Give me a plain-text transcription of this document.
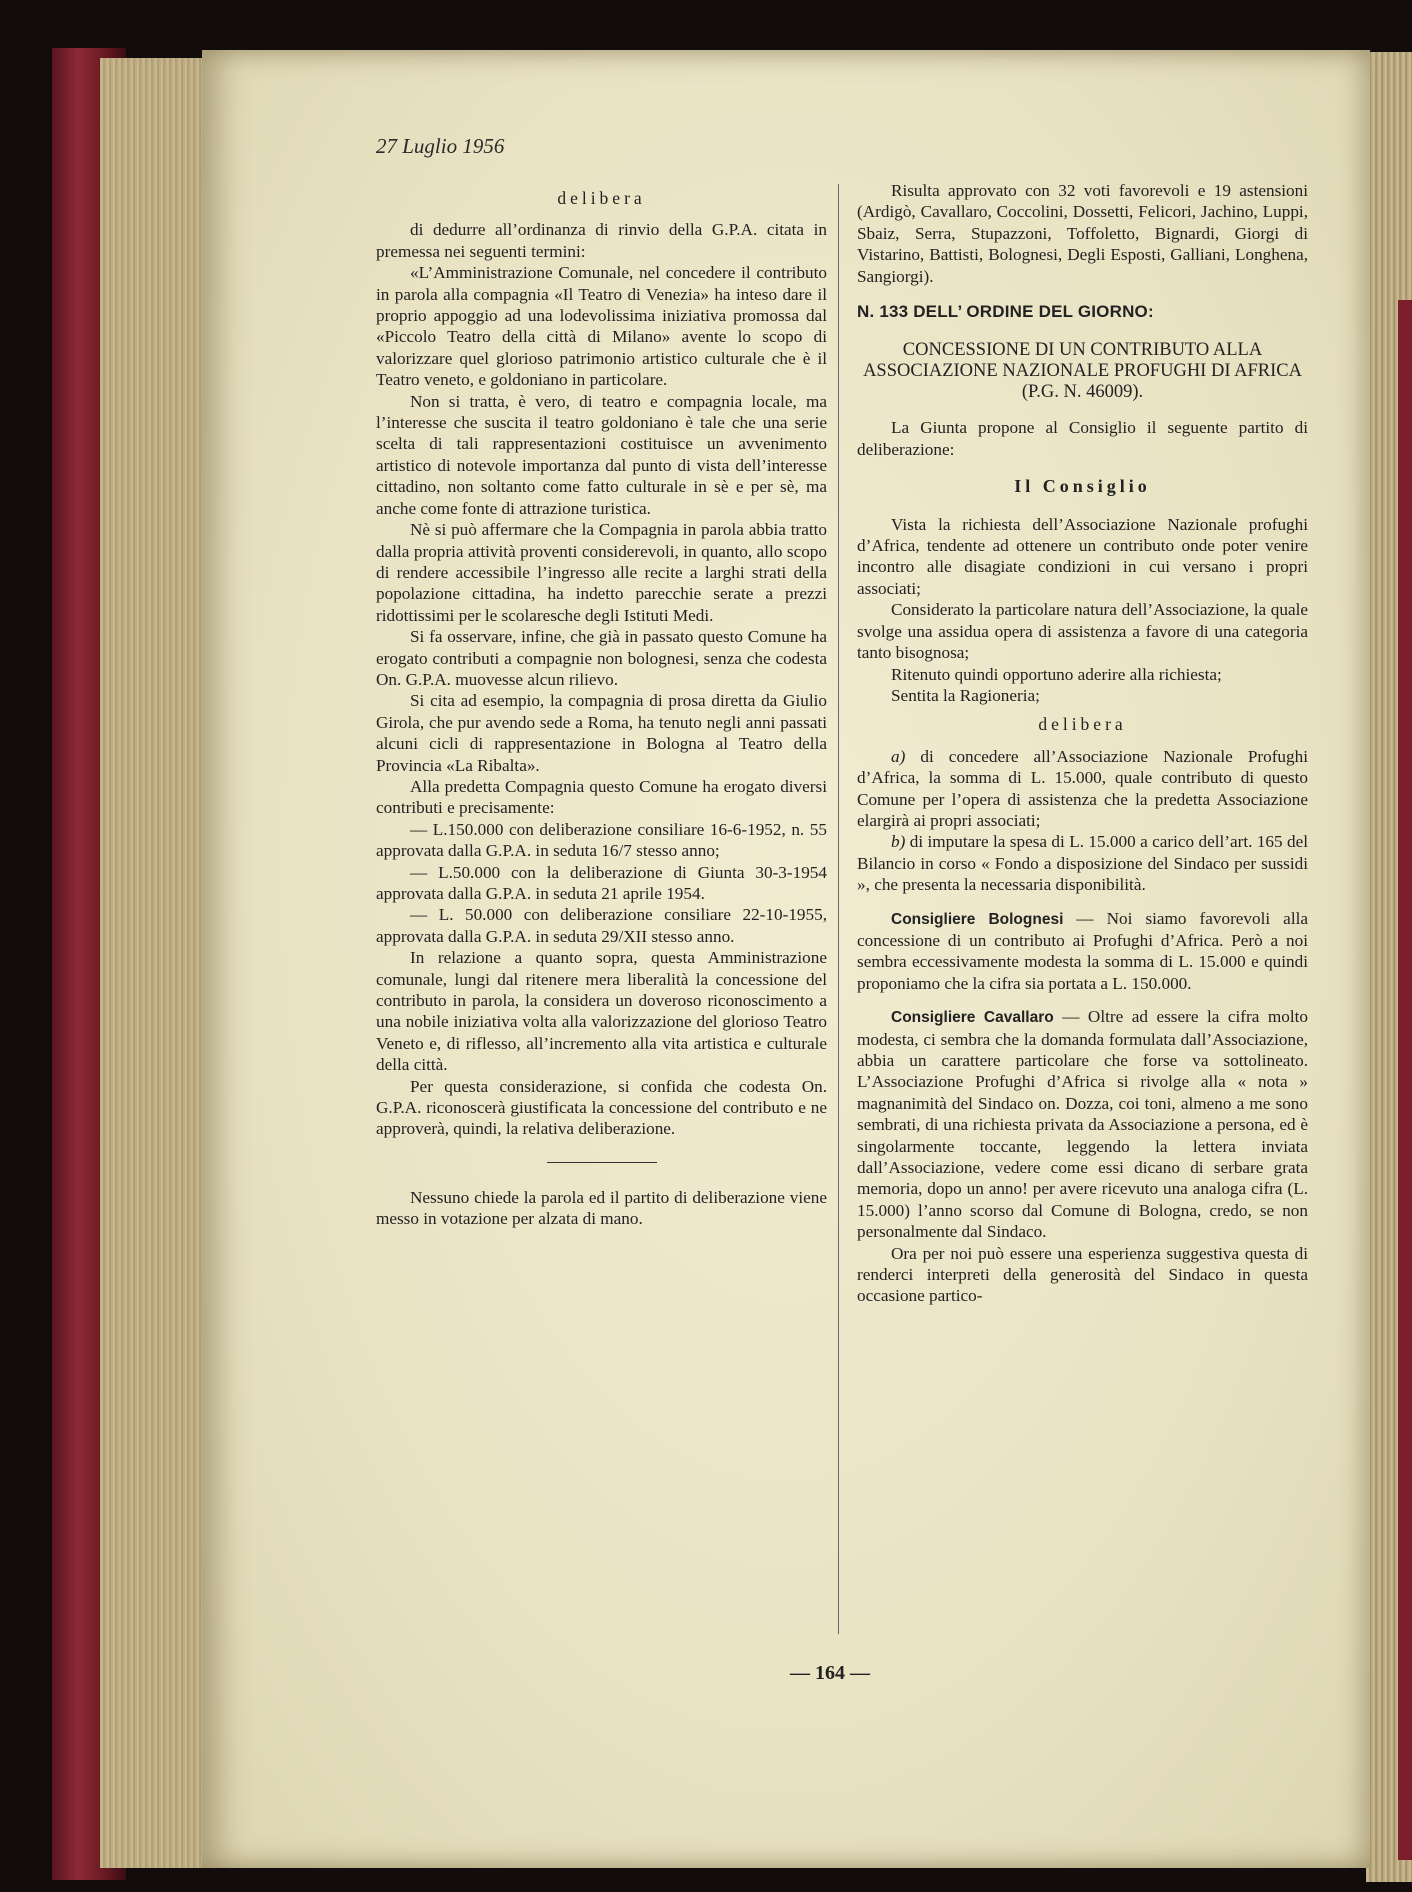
27 Luglio 1956

delibera

di dedurre all’ordinanza di rinvio della G.P.A. citata in premessa nei seguenti termini:

«L’Amministrazione Comunale, nel concedere il contributo in parola alla compagnia «Il Teatro di Venezia» ha inteso dare il proprio appoggio ad una lodevolissima iniziativa promossa dal «Piccolo Teatro della città di Milano» avente lo scopo di valorizzare quel glorioso patrimonio artistico culturale che è il Teatro veneto, e goldoniano in particolare.

Non si tratta, è vero, di teatro e compagnia locale, ma l’interesse che suscita il teatro goldoniano è tale che una serie scelta di tali rappresentazioni costituisce un avvenimento artistico di notevole importanza dal punto di vista dell’interesse cittadino, non soltanto come fatto culturale in sè e per sè, ma anche come fonte di attrazione turistica.

Nè si può affermare che la Compagnia in parola abbia tratto dalla propria attività proventi considerevoli, in quanto, allo scopo di rendere accessibile l’ingresso alle recite a larghi strati della popolazione cittadina, ha indetto parecchie serate a prezzi ridottissimi per le scolaresche degli Istituti Medi.

Si fa osservare, infine, che già in passato questo Comune ha erogato contributi a compagnie non bolognesi, senza che codesta On. G.P.A. muovesse alcun rilievo.

Si cita ad esempio, la compagnia di prosa diretta da Giulio Girola, che pur avendo sede a Roma, ha tenuto negli anni passati alcuni cicli di rappresentazione in Bologna al Teatro della Provincia «La Ribalta».

Alla predetta Compagnia questo Comune ha erogato diversi contributi e precisamente:

— L.150.000 con deliberazione consiliare 16-6-1952, n. 55 approvata dalla G.P.A. in seduta 16/7 stesso anno;

— L.50.000 con la deliberazione di Giunta 30-3-1954 approvata dalla G.P.A. in seduta 21 aprile 1954.

— L. 50.000 con deliberazione consiliare 22-10-1955, approvata dalla G.P.A. in seduta 29/XII stesso anno.

In relazione a quanto sopra, questa Amministrazione comunale, lungi dal ritenere mera liberalità la concessione del contributo in parola, la considera un doveroso riconoscimento a una nobile iniziativa volta alla valorizzazione del glorioso Teatro Veneto e, di riflesso, all’incremento alla vita artistica e culturale della città.

Per questa considerazione, si confida che codesta On. G.P.A. riconoscerà giustificata la concessione del contributo e ne approverà, quindi, la relativa deliberazione.

Nessuno chiede la parola ed il partito di deliberazione viene messo in votazione per alzata di mano.

Risulta approvato con 32 voti favorevoli e 19 astensioni (Ardigò, Cavallaro, Coccolini, Dossetti, Felicori, Jachino, Luppi, Sbaiz, Serra, Stupazzoni, Toffoletto, Bignardi, Giorgi di Vistarino, Battisti, Bolognesi, Degli Esposti, Galliani, Longhena, Sangiorgi).

N. 133 DELL’ ORDINE DEL GIORNO:

CONCESSIONE DI UN CONTRIBUTO ALLA ASSOCIAZIONE NAZIONALE PROFUGHI DI AFRICA (P.G. N. 46009).

La Giunta propone al Consiglio il seguente partito di deliberazione:

Il Consiglio

Vista la richiesta dell’Associazione Nazionale profughi d’Africa, tendente ad ottenere un contributo onde poter venire incontro alle disagiate condizioni in cui versano i propri associati;

Considerato la particolare natura dell’Associazione, la quale svolge una assidua opera di assistenza a favore di una categoria tanto bisognosa;

Ritenuto quindi opportuno aderire alla richiesta;

Sentita la Ragioneria;

delibera

a) di concedere all’Associazione Nazionale Profughi d’Africa, la somma di L. 15.000, quale contributo di questo Comune per l’opera di assistenza che la predetta Associazione elargirà ai propri associati;

b) di imputare la spesa di L. 15.000 a carico dell’art. 165 del Bilancio in corso « Fondo a disposizione del Sindaco per sussidi », che presenta la necessaria disponibilità.

Consigliere Bolognesi — Noi siamo favorevoli alla concessione di un contributo ai Profughi d’Africa. Però a noi sembra eccessivamente modesta la somma di L. 15.000 e quindi proponiamo che la cifra sia portata a L. 150.000.

Consigliere Cavallaro — Oltre ad essere la cifra molto modesta, ci sembra che la domanda formulata dall’Associazione, abbia un carattere particolare che forse va sottolineato. L’Associazione Profughi d’Africa si rivolge alla « nota » magnanimità del Sindaco on. Dozza, coi toni, almeno a me sono sembrati, di una richiesta privata da Associazione a persona, ed è singolarmente toccante, leggendo la lettera inviata dall’Associazione, vedere come essi dicano di serbare grata memoria, dopo un anno! per avere ricevuto una analoga cifra (L. 15.000) l’anno scorso dal Comune di Bologna, credo, se non personalmente dal Sindaco.

Ora per noi può essere una esperienza suggestiva questa di renderci interpreti della generosità del Sindaco in questa occasione partico-

— 164 —
